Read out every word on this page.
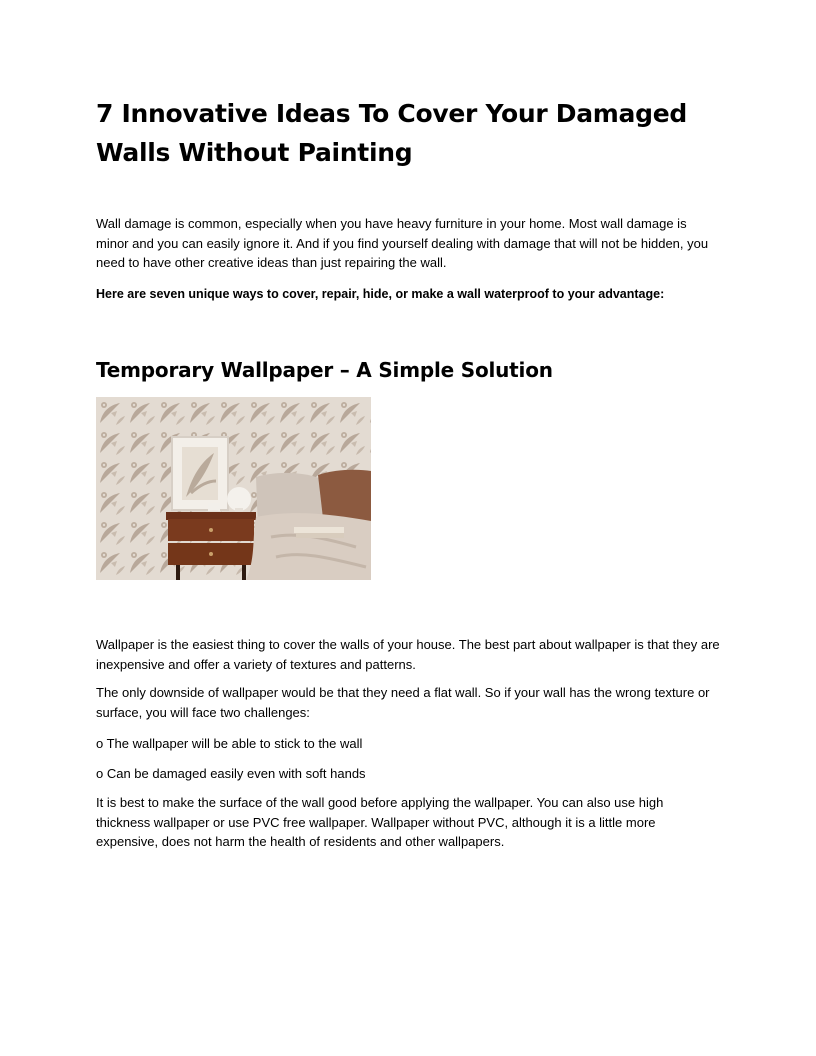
7 Innovative Ideas To Cover Your Damaged Walls Without Painting

Wall damage is common, especially when you have heavy furniture in your home. Most wall damage is minor and you can easily ignore it. And if you find yourself dealing with damage that will not be hidden, you need to have other creative ideas than just repairing the wall.

Here are seven unique ways to cover, repair, hide, or make a wall waterproof to your advantage:

Temporary Wallpaper – A Simple Solution

Wallpaper is the easiest thing to cover the walls of your house. The best part about wallpaper is that they are inexpensive and offer a variety of textures and patterns.

The only downside of wallpaper would be that they need a flat wall. So if your wall has the wrong texture or surface, you will face two challenges:

o The wallpaper will be able to stick to the wall

o Can be damaged easily even with soft hands

It is best to make the surface of the wall good before applying the wallpaper. You can also use high thickness wallpaper or use PVC free wallpaper. Wallpaper without PVC, although it is a little more expensive, does not harm the health of residents and other wallpapers.
